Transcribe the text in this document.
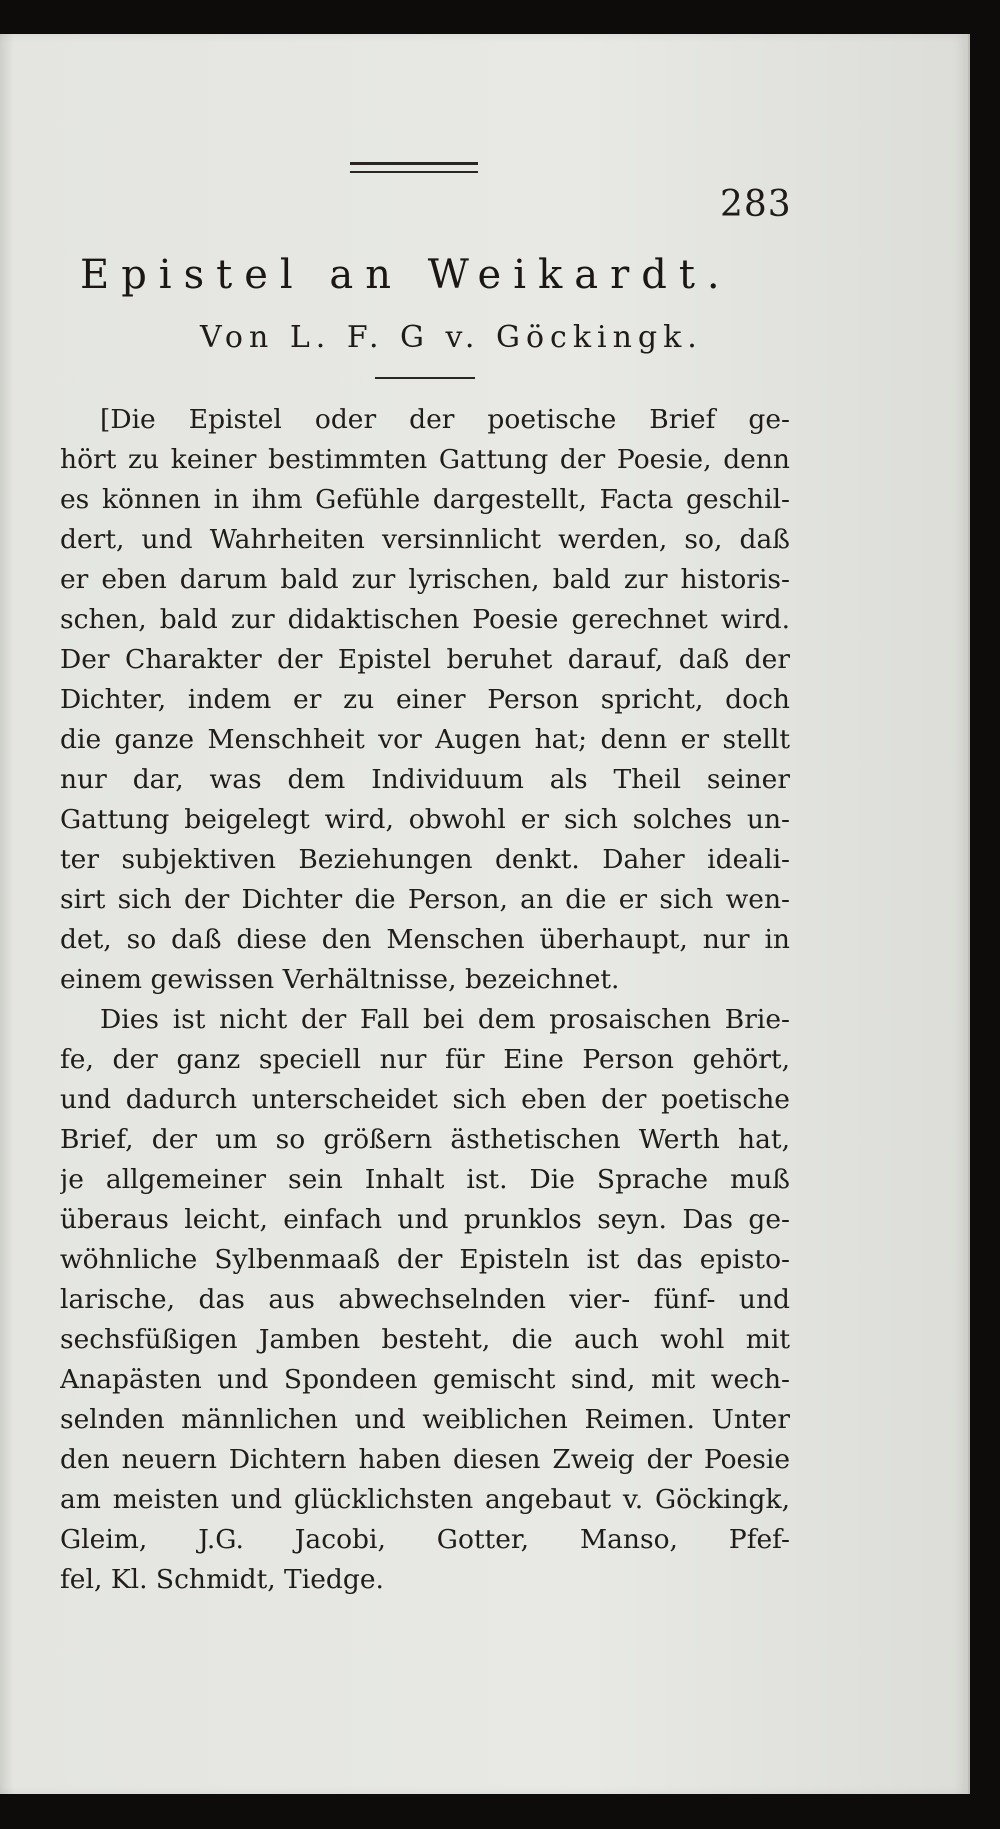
283
Epistel an Weikardt.
Von L. F. G v. Göckingk.
[Die Epistel oder der poetische Brief ge-
hört zu keiner bestimmten Gattung der Poesie, denn
es können in ihm Gefühle dargestellt, Facta geschil-
dert, und Wahrheiten versinnlicht werden, so, daß
er eben darum bald zur lyrischen, bald zur historis-
schen, bald zur didaktischen Poesie gerechnet wird.
Der Charakter der Epistel beruhet darauf, daß der
Dichter, indem er zu einer Person spricht, doch
die ganze Menschheit vor Augen hat; denn er stellt
nur dar, was dem Individuum als Theil seiner
Gattung beigelegt wird, obwohl er sich solches un-
ter subjektiven Beziehungen denkt. Daher ideali-
sirt sich der Dichter die Person, an die er sich wen-
det, so daß diese den Menschen überhaupt, nur in
einem gewissen Verhältnisse, bezeichnet.
Dies ist nicht der Fall bei dem prosaischen Brie-
fe, der ganz speciell nur für Eine Person gehört,
und dadurch unterscheidet sich eben der poetische
Brief, der um so größern ästhetischen Werth hat,
je allgemeiner sein Inhalt ist. Die Sprache muß
überaus leicht, einfach und prunklos seyn. Das ge-
wöhnliche Sylbenmaaß der Episteln ist das episto-
larische, das aus abwechselnden vier- fünf- und
sechsfüßigen Jamben besteht, die auch wohl mit
Anapästen und Spondeen gemischt sind, mit wech-
selnden männlichen und weiblichen Reimen. Unter
den neuern Dichtern haben diesen Zweig der Poesie
am meisten und glücklichsten angebaut v. Göckingk,
Gleim, J.G. Jacobi, Gotter, Manso, Pfef-
fel, Kl. Schmidt, Tiedge.
